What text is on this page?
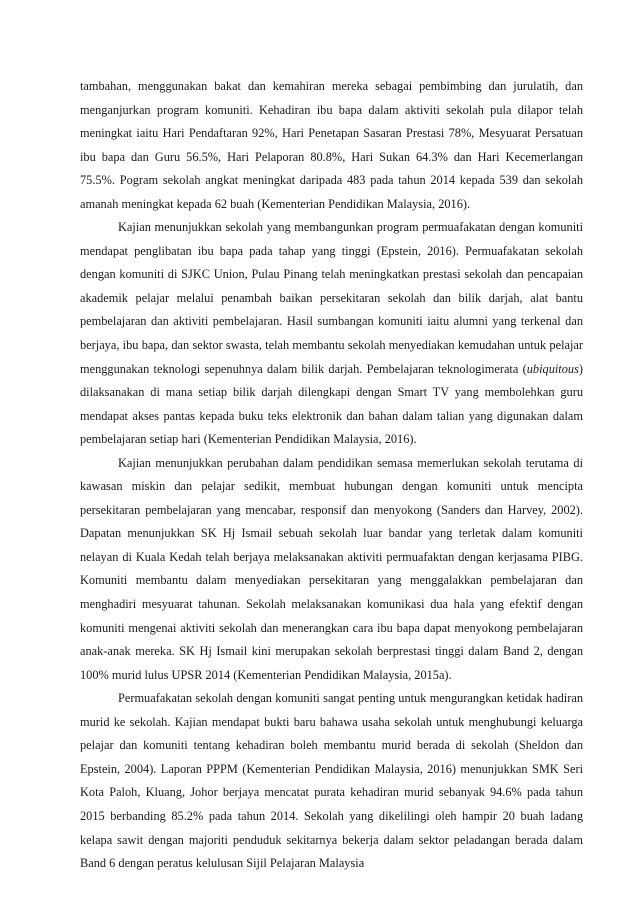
tambahan, menggunakan bakat dan kemahiran mereka sebagai pembimbing dan jurulatih, dan menganjurkan program komuniti. Kehadiran ibu bapa dalam aktiviti sekolah pula dilapor telah meningkat iaitu Hari Pendaftaran 92%, Hari Penetapan Sasaran Prestasi 78%, Mesyuarat Persatuan ibu bapa dan Guru 56.5%, Hari Pelaporan 80.8%, Hari Sukan 64.3% dan Hari Kecemerlangan 75.5%. Pogram sekolah angkat meningkat daripada 483 pada tahun 2014 kepada 539 dan sekolah amanah meningkat kepada 62 buah (Kementerian Pendidikan Malaysia, 2016).

Kajian menunjukkan sekolah yang membangunkan program permuafakatan dengan komuniti mendapat penglibatan ibu bapa pada tahap yang tinggi (Epstein, 2016). Permuafakatan sekolah dengan komuniti di SJKC Union, Pulau Pinang telah meningkatkan prestasi sekolah dan pencapaian akademik pelajar melalui penambah baikan persekitaran sekolah dan bilik darjah, alat bantu pembelajaran dan aktiviti pembelajaran. Hasil sumbangan komuniti iaitu alumni yang terkenal dan berjaya, ibu bapa, dan sektor swasta, telah membantu sekolah menyediakan kemudahan untuk pelajar menggunakan teknologi sepenuhnya dalam bilik darjah. Pembelajaran teknologimerata (ubiquitous) dilaksanakan di mana setiap bilik darjah dilengkapi dengan Smart TV yang membolehkan guru mendapat akses pantas kepada buku teks elektronik dan bahan dalam talian yang digunakan dalam pembelajaran setiap hari (Kementerian Pendidikan Malaysia, 2016).

Kajian menunjukkan perubahan dalam pendidikan semasa memerlukan sekolah terutama di kawasan miskin dan pelajar sedikit, membuat hubungan dengan komuniti untuk mencipta persekitaran pembelajaran yang mencabar, responsif dan menyokong (Sanders dan Harvey, 2002). Dapatan menunjukkan SK Hj Ismail sebuah sekolah luar bandar yang terletak dalam komuniti nelayan di Kuala Kedah telah berjaya melaksanakan aktiviti permuafaktan dengan kerjasama PIBG. Komuniti membantu dalam menyediakan persekitaran yang menggalakkan pembelajaran dan menghadiri mesyuarat tahunan. Sekolah melaksanakan komunikasi dua hala yang efektif dengan komuniti mengenai aktiviti sekolah dan menerangkan cara ibu bapa dapat menyokong pembelajaran anak-anak mereka. SK Hj Ismail kini merupakan sekolah berprestasi tinggi dalam Band 2, dengan 100% murid lulus UPSR 2014 (Kementerian Pendidikan Malaysia, 2015a).

Permuafakatan sekolah dengan komuniti sangat penting untuk mengurangkan ketidak hadiran murid ke sekolah. Kajian mendapat bukti baru bahawa usaha sekolah untuk menghubungi keluarga pelajar dan komuniti tentang kehadiran boleh membantu murid berada di sekolah (Sheldon dan Epstein, 2004). Laporan PPPM (Kementerian Pendidikan Malaysia, 2016) menunjukkan SMK Seri Kota Paloh, Kluang, Johor berjaya mencatat purata kehadiran murid sebanyak 94.6% pada tahun 2015 berbanding 85.2% pada tahun 2014. Sekolah yang dikelilingi oleh hampir 20 buah ladang kelapa sawit dengan majoriti penduduk sekitarnya bekerja dalam sektor peladangan berada dalam Band 6 dengan peratus kelulusan Sijil Pelajaran Malaysia
